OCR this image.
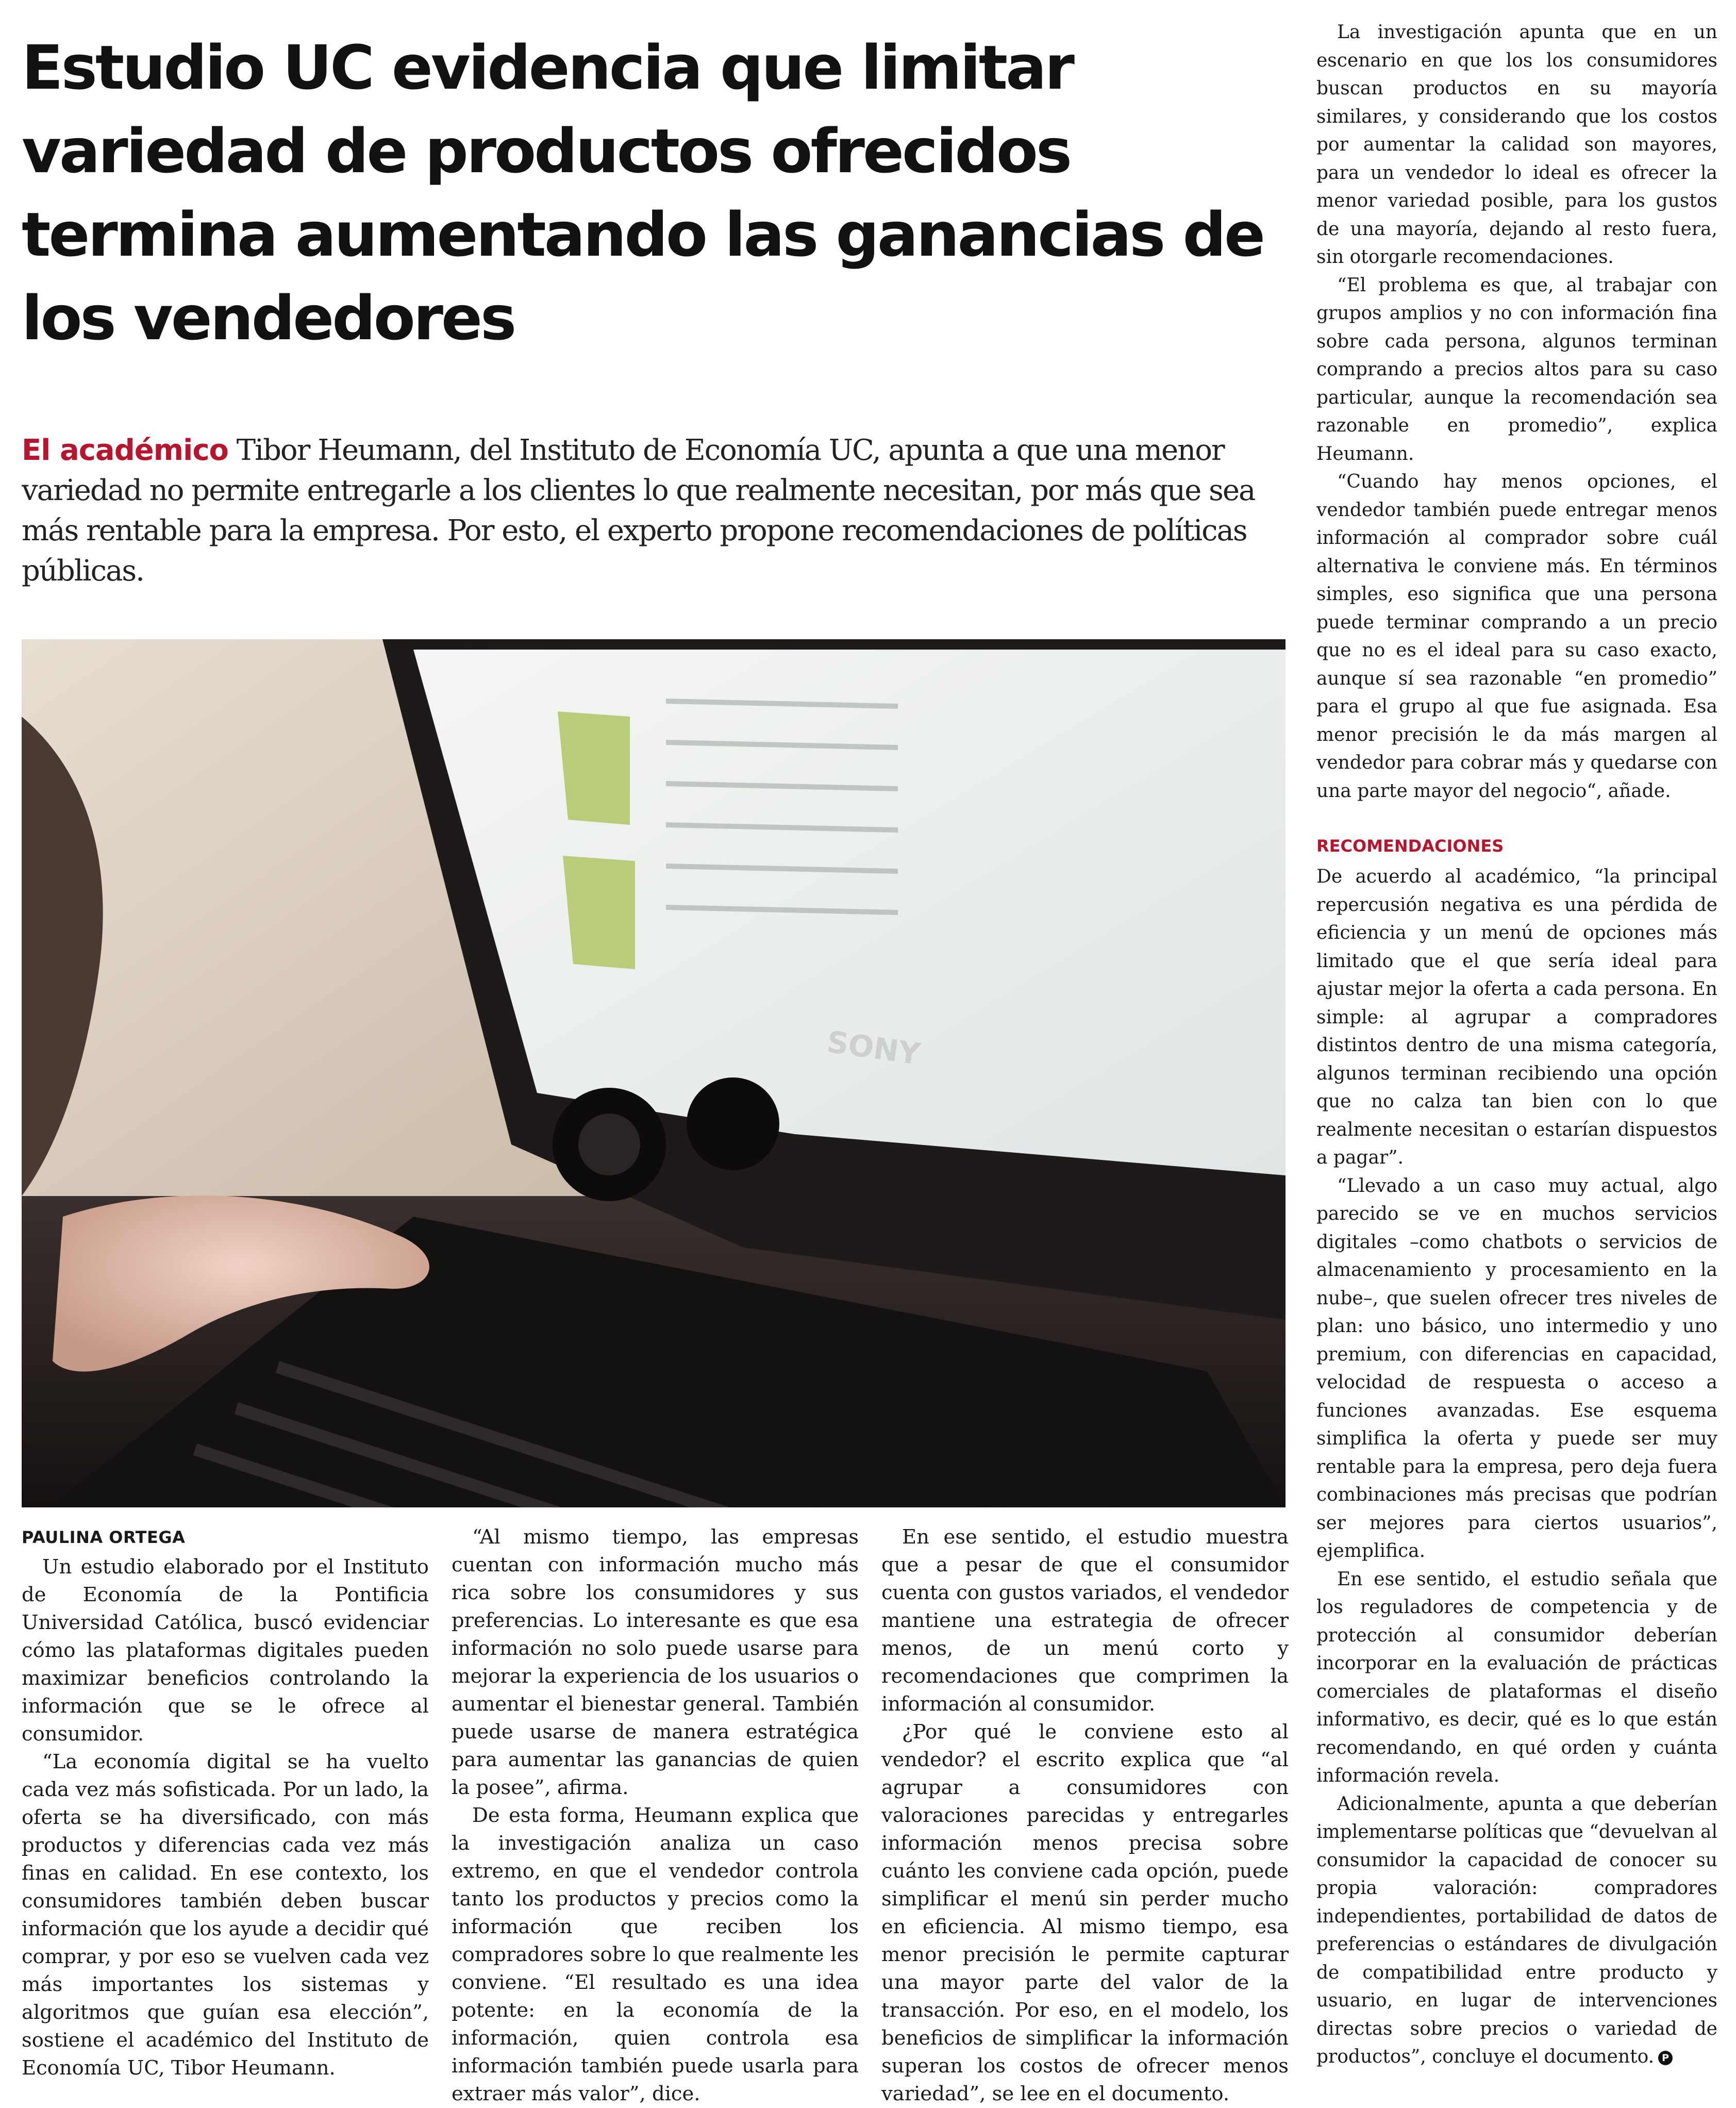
Estudio UC evidencia que limitar variedad de productos ofrecidos termina aumentando las ganancias de los vendedores

El académico Tibor Heumann, del Instituto de Economía UC, apunta a que una menor variedad no permite entregarle a los clientes lo que realmente necesitan, por más que sea más rentable para la empresa. Por esto, el experto propone recomendaciones de políticas públicas.

SONY
PAULINA ORTEGA

Un estudio elaborado por el Instituto de Economía de la Pontificia Universidad Católica, buscó evidenciar cómo las plataformas digitales pueden maximizar beneficios controlando la información que se le ofrece al consumidor.

“La economía digital se ha vuelto cada vez más sofisticada. Por un lado, la oferta se ha diversificado, con más productos y diferencias cada vez más finas en calidad. En ese contexto, los consumidores también deben buscar información que los ayude a decidir qué comprar, y por eso se vuelven cada vez más importantes los sistemas y algoritmos que guían esa elección”, sostiene el académico del Instituto de Economía UC, Tibor Heumann.

“Al mismo tiempo, las empresas cuentan con información mucho más rica sobre los consumidores y sus preferencias. Lo interesante es que esa información no solo puede usarse para mejorar la experiencia de los usuarios o aumentar el bienestar general. También puede usarse de manera estratégica para aumentar las ganancias de quien la posee”, afirma.

De esta forma, Heumann explica que la investigación analiza un caso extremo, en que el vendedor controla tanto los productos y precios como la información que reciben los compradores sobre lo que realmente les conviene. “El resultado es una idea potente: en la economía de la información, quien controla esa información también puede usarla para extraer más valor”, dice.

En ese sentido, el estudio muestra que a pesar de que el consumidor cuenta con gustos variados, el vendedor mantiene una estrategia de ofrecer menos, de un menú corto y recomendaciones que comprimen la información al consumidor.

¿Por qué le conviene esto al vendedor? el escrito explica que “al agrupar a consumidores con valoraciones parecidas y entregarles información menos precisa sobre cuánto les conviene cada opción, puede simplificar el menú sin perder mucho en eficiencia. Al mismo tiempo, esa menor precisión le permite capturar una mayor parte del valor de la transacción. Por eso, en el modelo, los beneficios de simplificar la información superan los costos de ofrecer menos variedad”, se lee en el documento.

La investigación apunta que en un escenario en que los los consumidores buscan productos en su mayoría similares, y considerando que los costos por aumentar la calidad son mayores, para un vendedor lo ideal es ofrecer la menor variedad posible, para los gustos de una mayoría, dejando al resto fuera, sin otorgarle recomendaciones.

“El problema es que, al trabajar con grupos amplios y no con información fina sobre cada persona, algunos terminan comprando a precios altos para su caso particular, aunque la recomendación sea razonable en promedio”, explica Heumann.

“Cuando hay menos opciones, el vendedor también puede entregar menos información al comprador sobre cuál alternativa le conviene más. En términos simples, eso significa que una persona puede terminar comprando a un precio que no es el ideal para su caso exacto, aunque sí sea razonable “en promedio” para el grupo al que fue asignada. Esa menor precisión le da más margen al vendedor para cobrar más y quedarse con una parte mayor del negocio“, añade.

RECOMENDACIONES

De acuerdo al académico, “la principal repercusión negativa es una pérdida de eficiencia y un menú de opciones más limitado que el que sería ideal para ajustar mejor la oferta a cada persona. En simple: al agrupar a compradores distintos dentro de una misma categoría, algunos terminan recibiendo una opción que no calza tan bien con lo que realmente necesitan o estarían dispuestos a pagar”.

“Llevado a un caso muy actual, algo parecido se ve en muchos servicios digitales –como chatbots o servicios de almacenamiento y procesamiento en la nube–, que suelen ofrecer tres niveles de plan: uno básico, uno intermedio y uno premium, con diferencias en capacidad, velocidad de respuesta o acceso a funciones avanzadas. Ese esquema simplifica la oferta y puede ser muy rentable para la empresa, pero deja fuera combinaciones más precisas que podrían ser mejores para ciertos usuarios”, ejemplifica.

En ese sentido, el estudio señala que los reguladores de competencia y de protección al consumidor deberían incorporar en la evaluación de prácticas comerciales de plataformas el diseño informativo, es decir, qué es lo que están recomendando, en qué orden y cuánta información revela.

Adicionalmente, apunta a que deberían implementarse políticas que “devuelvan al consumidor la capacidad de conocer su propia valoración: compradores independientes, portabilidad de datos de preferencias o estándares de divulgación de compatibilidad entre producto y usuario, en lugar de intervenciones directas sobre precios o variedad de productos”, concluye el documento. P
